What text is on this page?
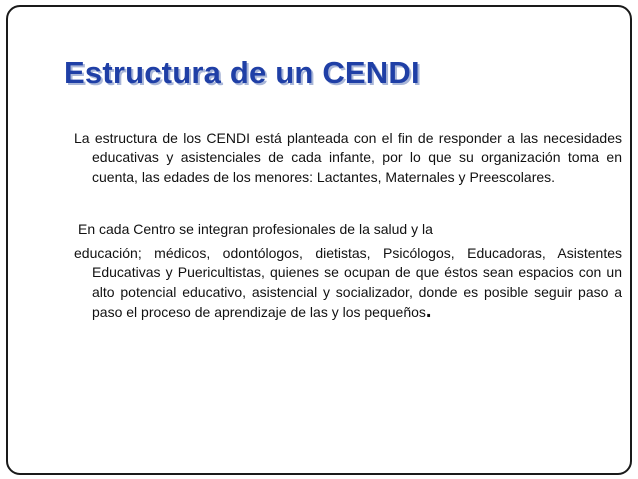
Estructura de un CENDI

La estructura de los CENDI está planteada con el fin de responder a las necesidades educativas y asistenciales de cada infante, por lo que su organización toma en cuenta, las edades de los menores: Lactantes, Maternales y Preescolares.

En cada Centro se integran profesionales de la salud y la

educación; médicos, odontólogos, dietistas, Psicólogos, Educadoras, Asistentes Educativas y Puericultistas, quienes se ocupan de que éstos sean espacios con un alto potencial educativo, asistencial y socializador, donde es posible seguir paso a paso el proceso de aprendizaje de las y los pequeños.
